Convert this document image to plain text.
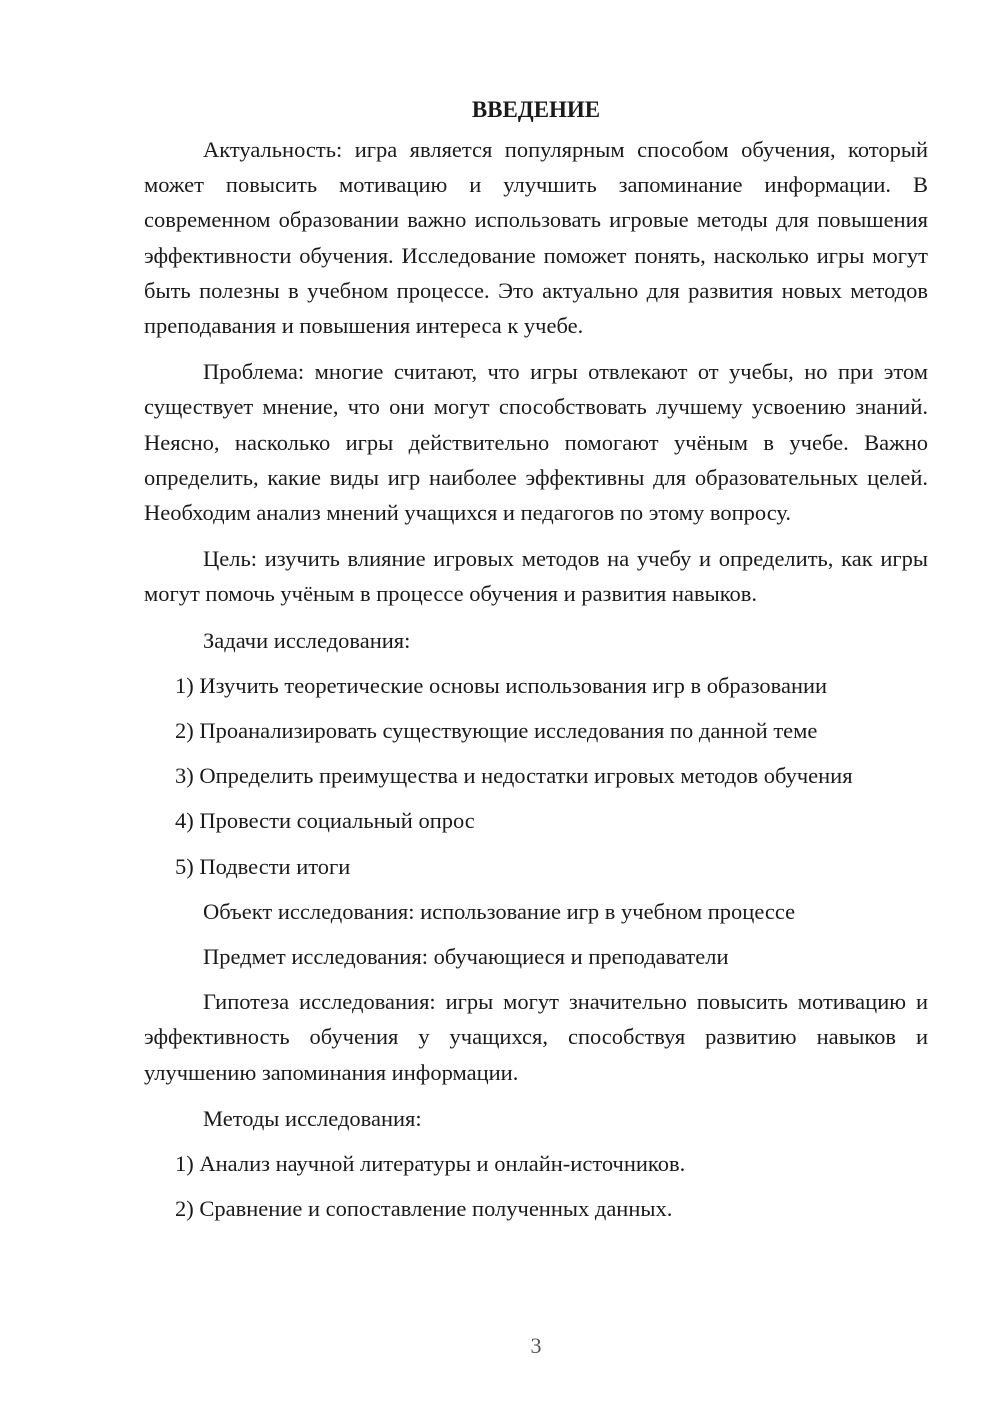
ВВЕДЕНИЕ

Актуальность: игра является популярным способом обучения, который может повысить мотивацию и улучшить запоминание информации. В современном образовании важно использовать игровые методы для повышения эффективности обучения. Исследование поможет понять, насколько игры могут быть полезны в учебном процессе. Это актуально для развития новых методов преподавания и повышения интереса к учебе.

Проблема: многие считают, что игры отвлекают от учебы, но при этом существует мнение, что они могут способствовать лучшему усвоению знаний. Неясно, насколько игры действительно помогают учёным в учебе. Важно определить, какие виды игр наиболее эффективны для образовательных целей. Необходим анализ мнений учащихся и педагогов по этому вопросу.

Цель: изучить влияние игровых методов на учебу и определить, как игры могут помочь учёным в процессе обучения и развития навыков.

Задачи исследования:
1) Изучить теоретические основы использования игр в образовании
2) Проанализировать существующие исследования по данной теме
3) Определить преимущества и недостатки игровых методов обучения
4) Провести социальный опрос
5) Подвести итоги
Объект исследования: использование игр в учебном процессе
Предмет исследования: обучающиеся и преподаватели

Гипотеза исследования: игры могут значительно повысить мотивацию и эффективность обучения у учащихся, способствуя развитию навыков и улучшению запоминания информации.

Методы исследования:
1) Анализ научной литературы и онлайн-источников.
2) Сравнение и сопоставление полученных данных.
3
